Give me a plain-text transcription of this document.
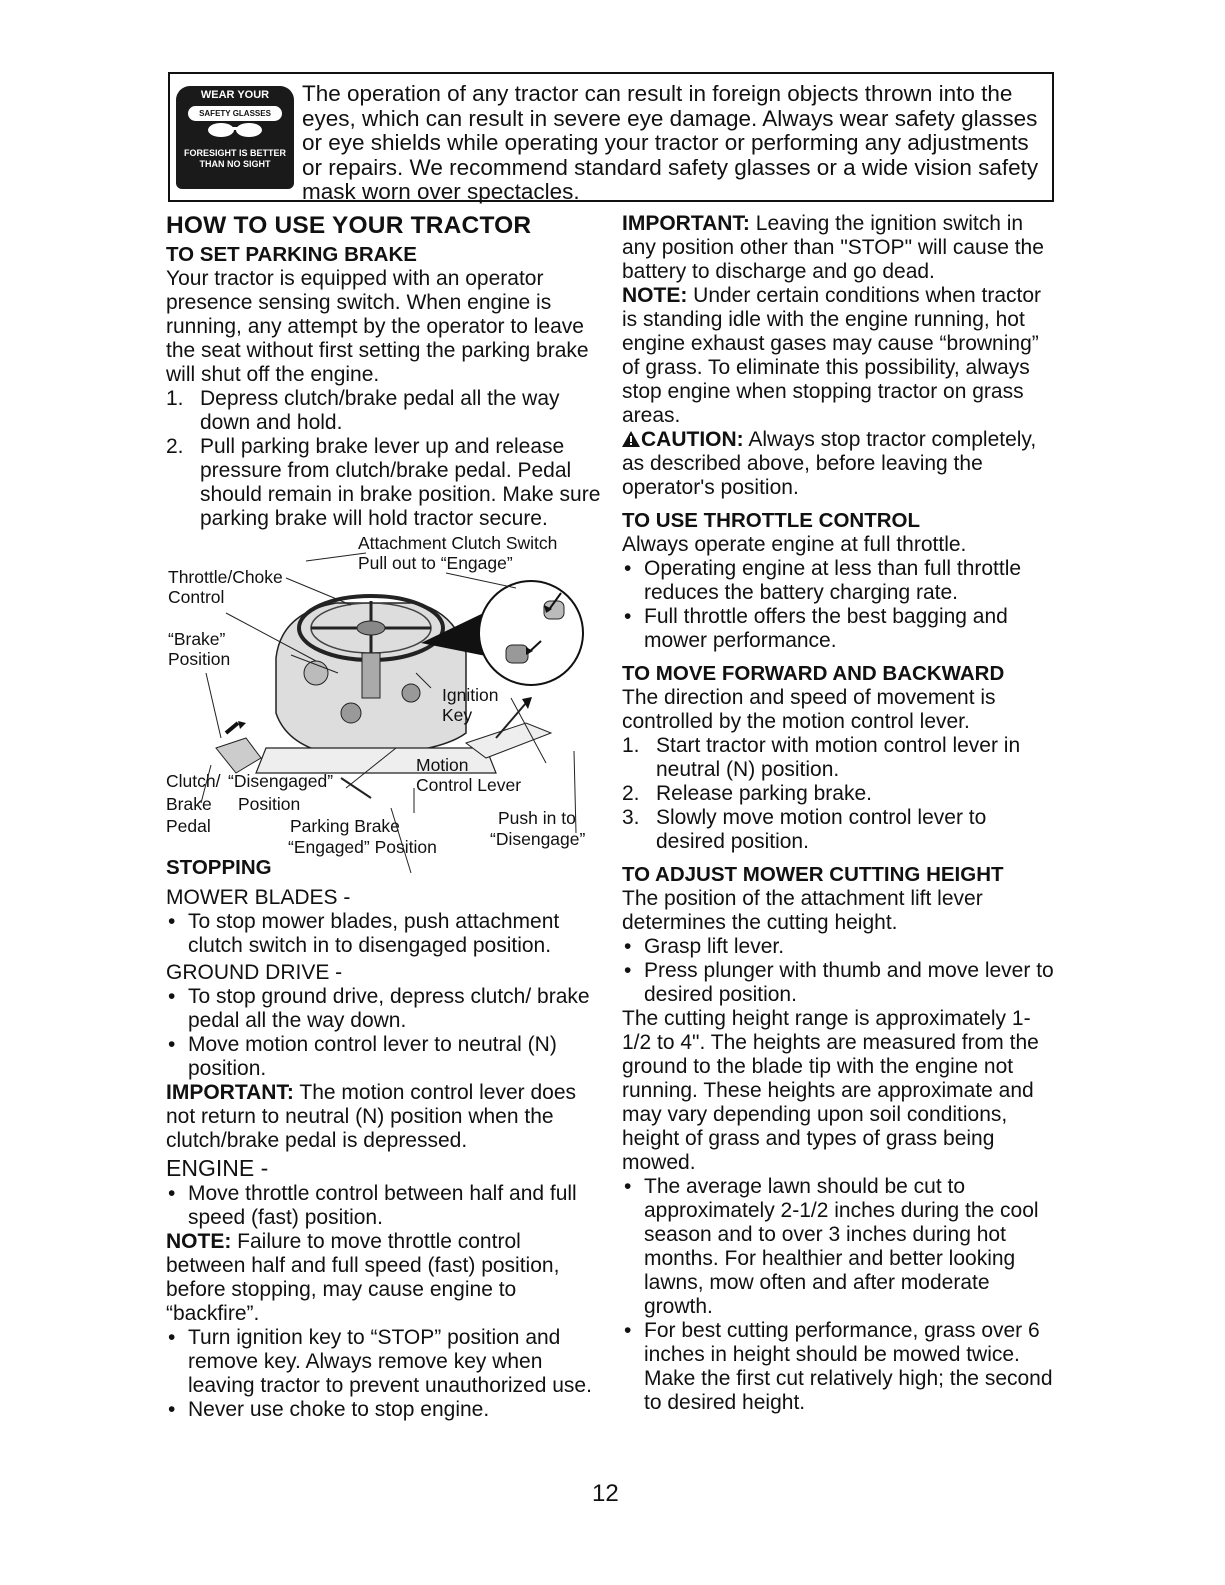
WEAR YOUR
SAFETY GLASSES
FORESIGHT IS BETTER THAN NO SIGHT
The operation of any tractor can result in foreign objects thrown into the eyes, which can result in severe eye damage. Always wear safety glasses or eye shields while operating your tractor or performing any adjustments or repairs. We recommend standard safety glasses or a wide vision safety mask worn over spectacles.
HOW TO USE YOUR TRACTOR
TO SET PARKING BRAKE

Your tractor is equipped with an operator presence sensing switch. When engine is running, any attempt by the operator to leave the seat without first setting the parking brake will shut off the engine.

1. Depress clutch/brake pedal all the way down and hold.
2. Pull parking brake lever up and release pressure from clutch/brake pedal. Pedal should remain in brake position. Make sure parking brake will hold tractor secure.
Attachment Clutch Switch
Pull out to “Engage”
Throttle/Choke
Control
“Brake”
Position
Ignition
Key
Motion
Control Lever
Clutch/
Brake
Pedal
“Disengaged”
Position
Parking Brake
“Engaged” Position
Push in to
“Disengage”
STOPPING
MOWER BLADES -
• To stop mower blades, push attachment clutch switch in to disengaged position.
GROUND DRIVE -
• To stop ground drive, depress clutch/ brake pedal all the way down.
• Move motion control lever to neutral (N) position.

IMPORTANT: The motion control lever does not return to neutral (N) position when the clutch/brake pedal is depressed.

ENGINE -
• Move throttle control between half and full speed (fast) position.

NOTE: Failure to move throttle control between half and full speed (fast) position, before stopping, may cause engine to “backfire”.

• Turn ignition key to “STOP” position and remove key. Always remove key when leaving tractor to prevent unauthorized use.
• Never use choke to stop engine.

IMPORTANT: Leaving the ignition switch in any position other than "STOP" will cause the battery to discharge and go dead.

NOTE: Under certain conditions when tractor is standing idle with the engine running, hot engine exhaust gases may cause “browning” of grass. To eliminate this possibility, always stop engine when stopping tractor on grass areas.

CAUTION: Always stop tractor completely, as described above, before leaving the operator's position.

TO USE THROTTLE CONTROL

Always operate engine at full throttle.

• Operating engine at less than full throttle reduces the battery charging rate.
• Full throttle offers the best bagging and mower performance.
TO MOVE FORWARD AND BACKWARD

The direction and speed of movement is controlled by the motion control lever.

1. Start tractor with motion control lever in neutral (N) position.
2. Release parking brake.
3. Slowly move motion control lever to desired position.
TO ADJUST MOWER CUTTING HEIGHT

The position of the attachment lift lever determines the cutting height.

• Grasp lift lever.
• Press plunger with thumb and move lever to desired position.

The cutting height range is approximately 1-1/2 to 4". The heights are measured from the ground to the blade tip with the engine not running. These heights are approximate and may vary depending upon soil conditions, height of grass and types of grass being mowed.

• The average lawn should be cut to approximately 2-1/2 inches during the cool season and to over 3 inches during hot months. For healthier and better looking lawns, mow often and after moderate growth.
• For best cutting performance, grass over 6 inches in height should be mowed twice. Make the first cut relatively high; the second to desired height.
12
